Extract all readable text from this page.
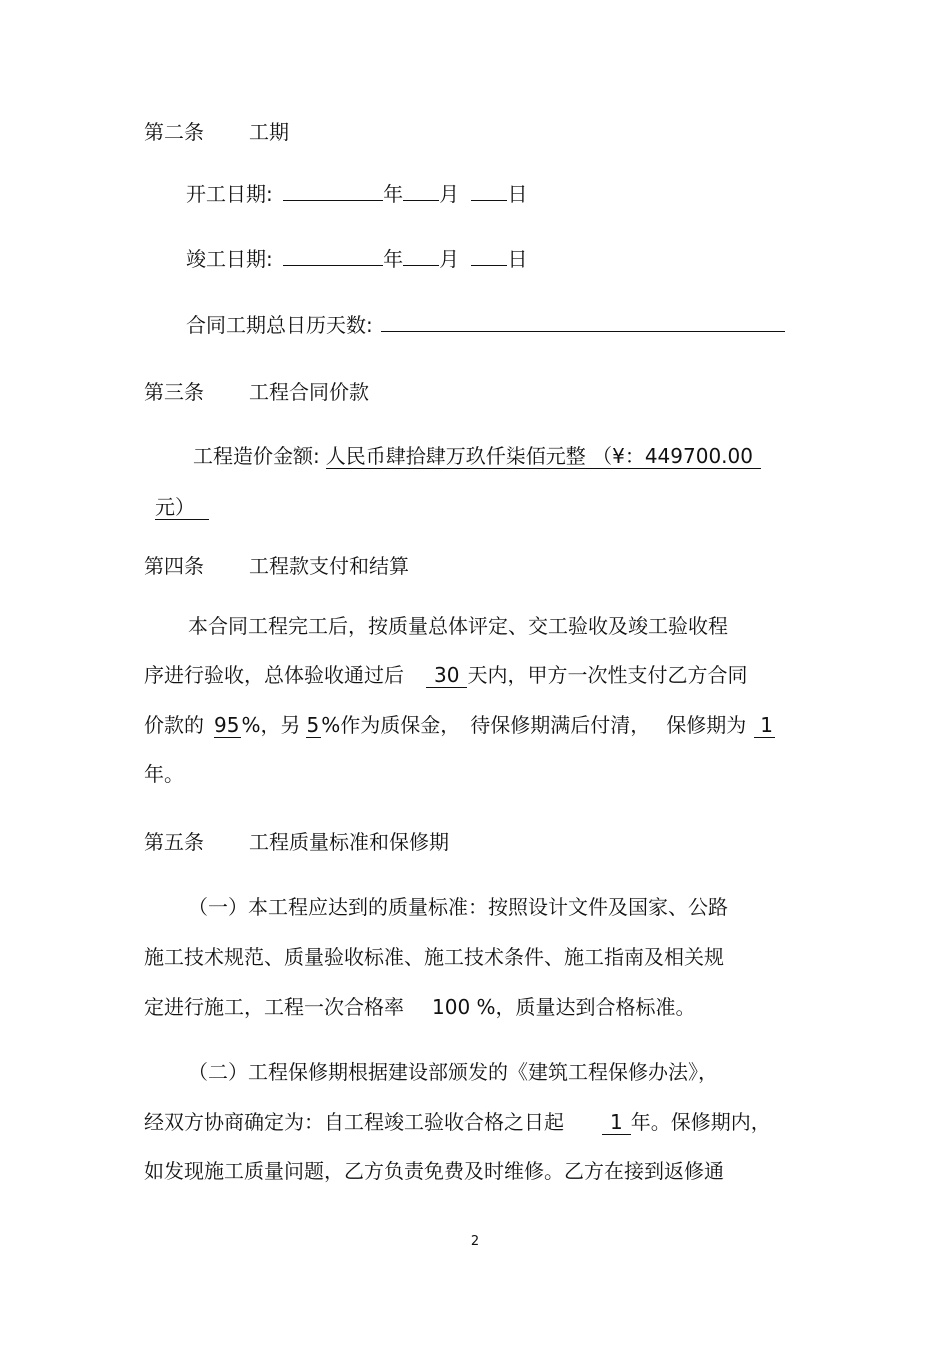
第二条 工期
开工日期:	年 月 日
竣工日期:	年 月 日
合同工期总日历天数:
第三条 工程合同价款
工程造价金额: 人民币肆拾肆万玖仟柒佰元整 （¥：449700.00
元）
第四条 工程款支付和结算
本合同工程完工后，按质量总体评定、交工验收及竣工验收程
序进行验收，总体验收通过后 30 天内，甲方一次性支付乙方合同
价款的 95 %，另 5 %作为质保金， 待保修期满后付清， 保修期为 1
年。
第五条 工程质量标准和保修期
（一）本工程应达到的质量标准：按照设计文件及国家、公路
施工技术规范、质量验收标准、施工技术条件、施工指南及相关规
定进行施工，工程一次合格率 100 %，质量达到合格标准。
（二）工程保修期根据建设部颁发的《建筑工程保修办法》，
经双方协商确定为：自工程竣工验收合格之日起 1 年。保修期内，
如发现施工质量问题，乙方负责免费及时维修。乙方在接到返修通
2
